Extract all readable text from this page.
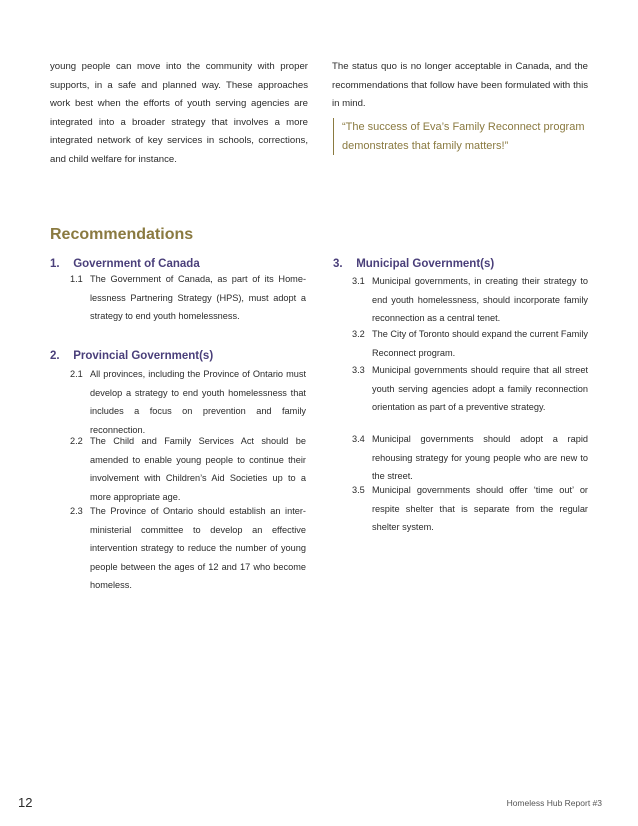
young people can move into the community with proper supports, in a safe and planned way. These approaches work best when the efforts of youth serving agencies are integrated into a broader strategy that involves a more integrated network of key services in schools, corrections, and child welfare for instance.

The status quo is no longer acceptable in Canada, and the recommendations that follow have been formulated with this in mind.

“The success of Eva’s Family Reconnect program demonstrates that family matters!”
Recommendations
1. Government of Canada
1.1 The Government of Canada, as part of its Home-lessness Partnering Strategy (HPS), must adopt a strategy to end youth homelessness.
2. Provincial Government(s)
2.1 All provinces, including the Province of Ontario must develop a strategy to end youth homelessness that includes a focus on prevention and family reconnection.
2.2 The Child and Family Services Act should be amended to enable young people to continue their involvement with Children’s Aid Societies up to a more appropriate age.
2.3 The Province of Ontario should establish an inter-ministerial committee to develop an effective intervention strategy to reduce the number of young people between the ages of 12 and 17 who become homeless.
3. Municipal Government(s)
3.1 Municipal governments, in creating their strategy to end youth homelessness, should incorporate family reconnection as a central tenet.
3.2 The City of Toronto should expand the current Family Reconnect program.
3.3 Municipal governments should require that all street youth serving agencies adopt a family reconnection orientation as part of a preventive strategy.
3.4 Municipal governments should adopt a rapid rehousing strategy for young people who are new to the street.
3.5 Municipal governments should offer ‘time out’ or respite shelter that is separate from the regular shelter system.
12	Homeless Hub Report #3
